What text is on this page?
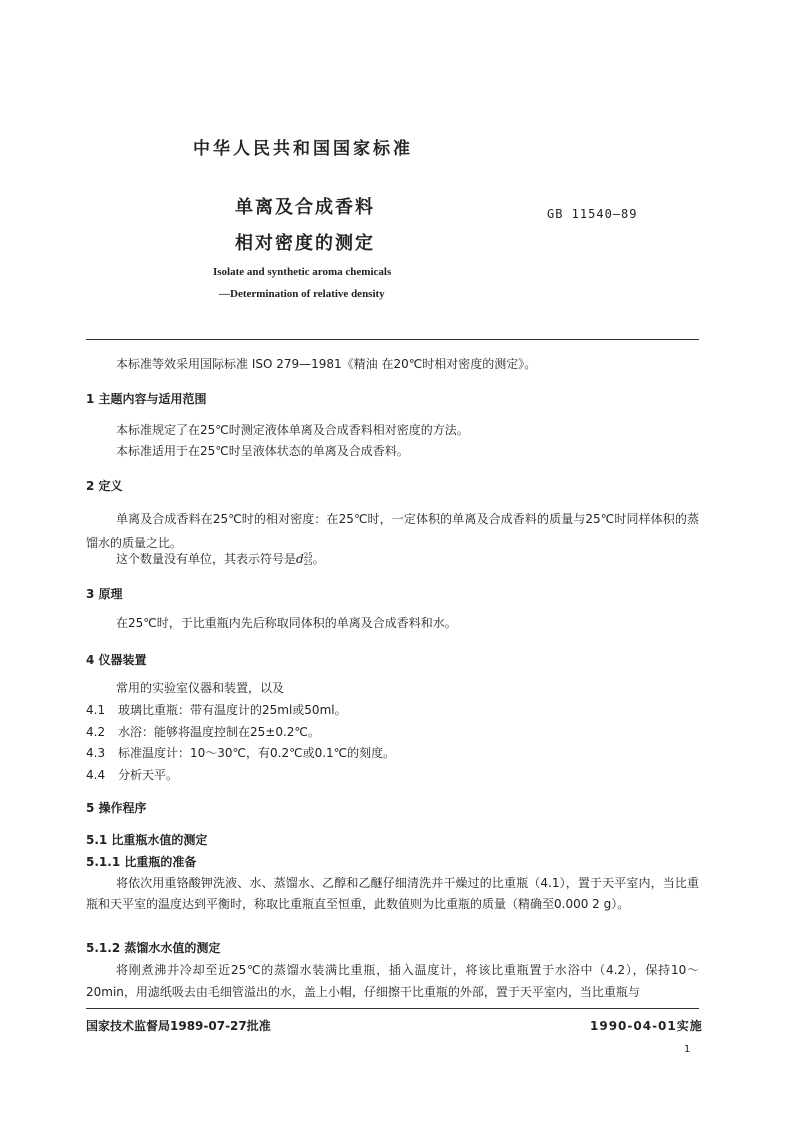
中华人民共和国国家标准
单离及合成香料
相对密度的测定
GB 11540—89
Isolate and synthetic aroma chemicals
—Determination of relative density
本标准等效采用国际标准 ISO 279—1981《精油 在20℃时相对密度的测定》。
1 主题内容与适用范围
本标准规定了在25℃时测定液体单离及合成香料相对密度的方法。
本标准适用于在25℃时呈液体状态的单离及合成香料。
2 定义
单离及合成香料在25℃时的相对密度：在25℃时，一定体积的单离及合成香料的质量与25℃时同样体积的蒸馏水的质量之比。
这个数量没有单位，其表示符号是d 25
25 。
3 原理
在25℃时，于比重瓶内先后称取同体积的单离及合成香料和水。
4 仪器装置
常用的实验室仪器和装置，以及
4.1 玻璃比重瓶：带有温度计的25ml或50ml。
4.2 水浴：能够将温度控制在25±0.2℃。
4.3 标准温度计：10～30℃，有0.2℃或0.1℃的刻度。
4.4 分析天平。
5 操作程序
5.1 比重瓶水值的测定
5.1.1 比重瓶的准备
将依次用重铬酸钾洗液、水、蒸馏水、乙醇和乙醚仔细清洗并干燥过的比重瓶（4.1），置于天平室内，当比重瓶和天平室的温度达到平衡时，称取比重瓶直至恒重，此数值则为比重瓶的质量（精确至0.000 2 g）。
5.1.2 蒸馏水水值的测定
将刚煮沸并冷却至近25℃的蒸馏水装满比重瓶，插入温度计，将该比重瓶置于水浴中（4.2），保持10～20min，用滤纸吸去由毛细管溢出的水，盖上小帽，仔细擦干比重瓶的外部，置于天平室内，当比重瓶与
国家技术监督局1989-07-27批准	1990-04-01实施
1
